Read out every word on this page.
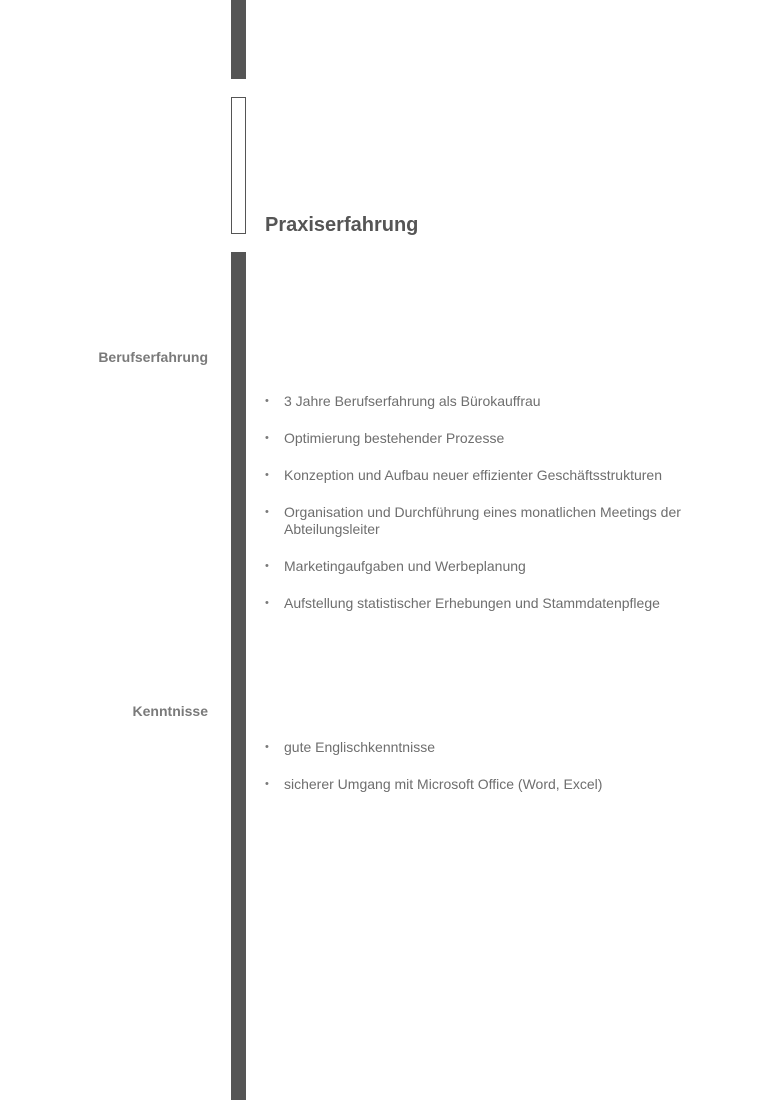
Praxiserfahrung
Berufserfahrung
• 3 Jahre Berufserfahrung als Bürokauffrau
• Optimierung bestehender Prozesse
• Konzeption und Aufbau neuer effizienter Geschäftsstrukturen
• Organisation und Durchführung eines monatlichen Meetings der Abteilungsleiter
• Marketingaufgaben und Werbeplanung
• Aufstellung statistischer Erhebungen und Stammdatenpflege
Kenntnisse
• gute Englischkenntnisse
• sicherer Umgang mit Microsoft Office (Word, Excel)
